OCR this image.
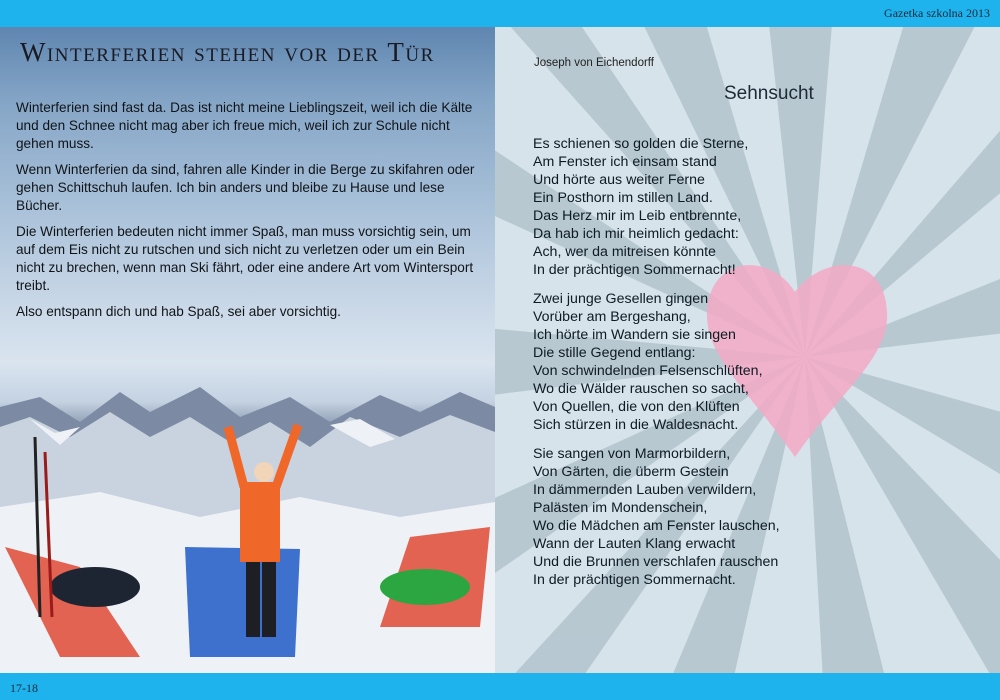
Gazetka szkolna 2013
Winterferien stehen vor der Tür

Winterferien sind fast da. Das ist nicht meine Lieblingszeit, weil ich die Kälte und den Schnee nicht mag aber ich freue mich, weil ich zur Schule nicht gehen muss.

Wenn Winterferien da sind, fahren alle Kinder in die Berge zu skifahren oder gehen Schittschuh laufen. Ich bin anders und bleibe zu Hause und lese Bücher.

Die Winterferien bedeuten nicht immer Spaß, man muss vorsichtig sein, um auf dem Eis nicht zu rutschen und sich nicht zu verletzen oder um ein Bein nicht zu brechen, wenn man Ski fährt, oder eine andere Art vom Wintersport treibt.

Also entspann dich und hab Spaß, sei aber vorsichtig.

Joseph von Eichendorff
Sehnsucht
Es schienen so golden die Sterne,
Am Fenster ich einsam stand
Und hörte aus weiter Ferne
Ein Posthorn im stillen Land.
Das Herz mir im Leib entbrennte,
Da hab ich mir heimlich gedacht:
Ach, wer da mitreisen könnte
In der prächtigen Sommernacht!
Zwei junge Gesellen gingen
Vorüber am Bergeshang,
Ich hörte im Wandern sie singen
Die stille Gegend entlang:
Von schwindelnden Felsenschlüften,
Wo die Wälder rauschen so sacht,
Von Quellen, die von den Klüften
Sich stürzen in die Waldesnacht.
Sie sangen von Marmorbildern,
Von Gärten, die überm Gestein
In dämmernden Lauben verwildern,
Palästen im Mondenschein,
Wo die Mädchen am Fenster lauschen,
Wann der Lauten Klang erwacht
Und die Brunnen verschlafen rauschen
In der prächtigen Sommernacht.
17-18
